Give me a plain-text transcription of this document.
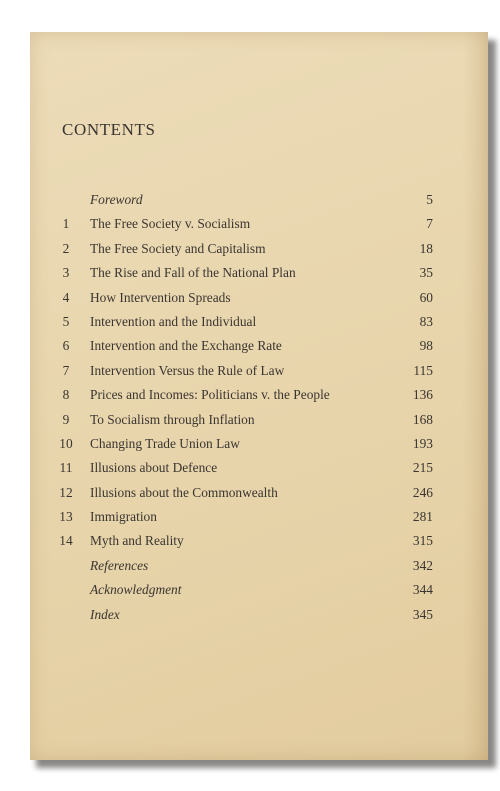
CONTENTS
Foreword	5
1	The Free Society v. Socialism	7
2	The Free Society and Capitalism	18
3	The Rise and Fall of the National Plan	35
4	How Intervention Spreads	60
5	Intervention and the Individual	83
6	Intervention and the Exchange Rate	98
7	Intervention Versus the Rule of Law	115
8	Prices and Incomes: Politicians v. the People	136
9	To Socialism through Inflation	168
10 Changing Trade Union Law	193
11 Illusions about Defence	215
12 Illusions about the Commonwealth	246
13 Immigration	281
14 Myth and Reality	315
References	342
Acknowledgment	344
Index	345
